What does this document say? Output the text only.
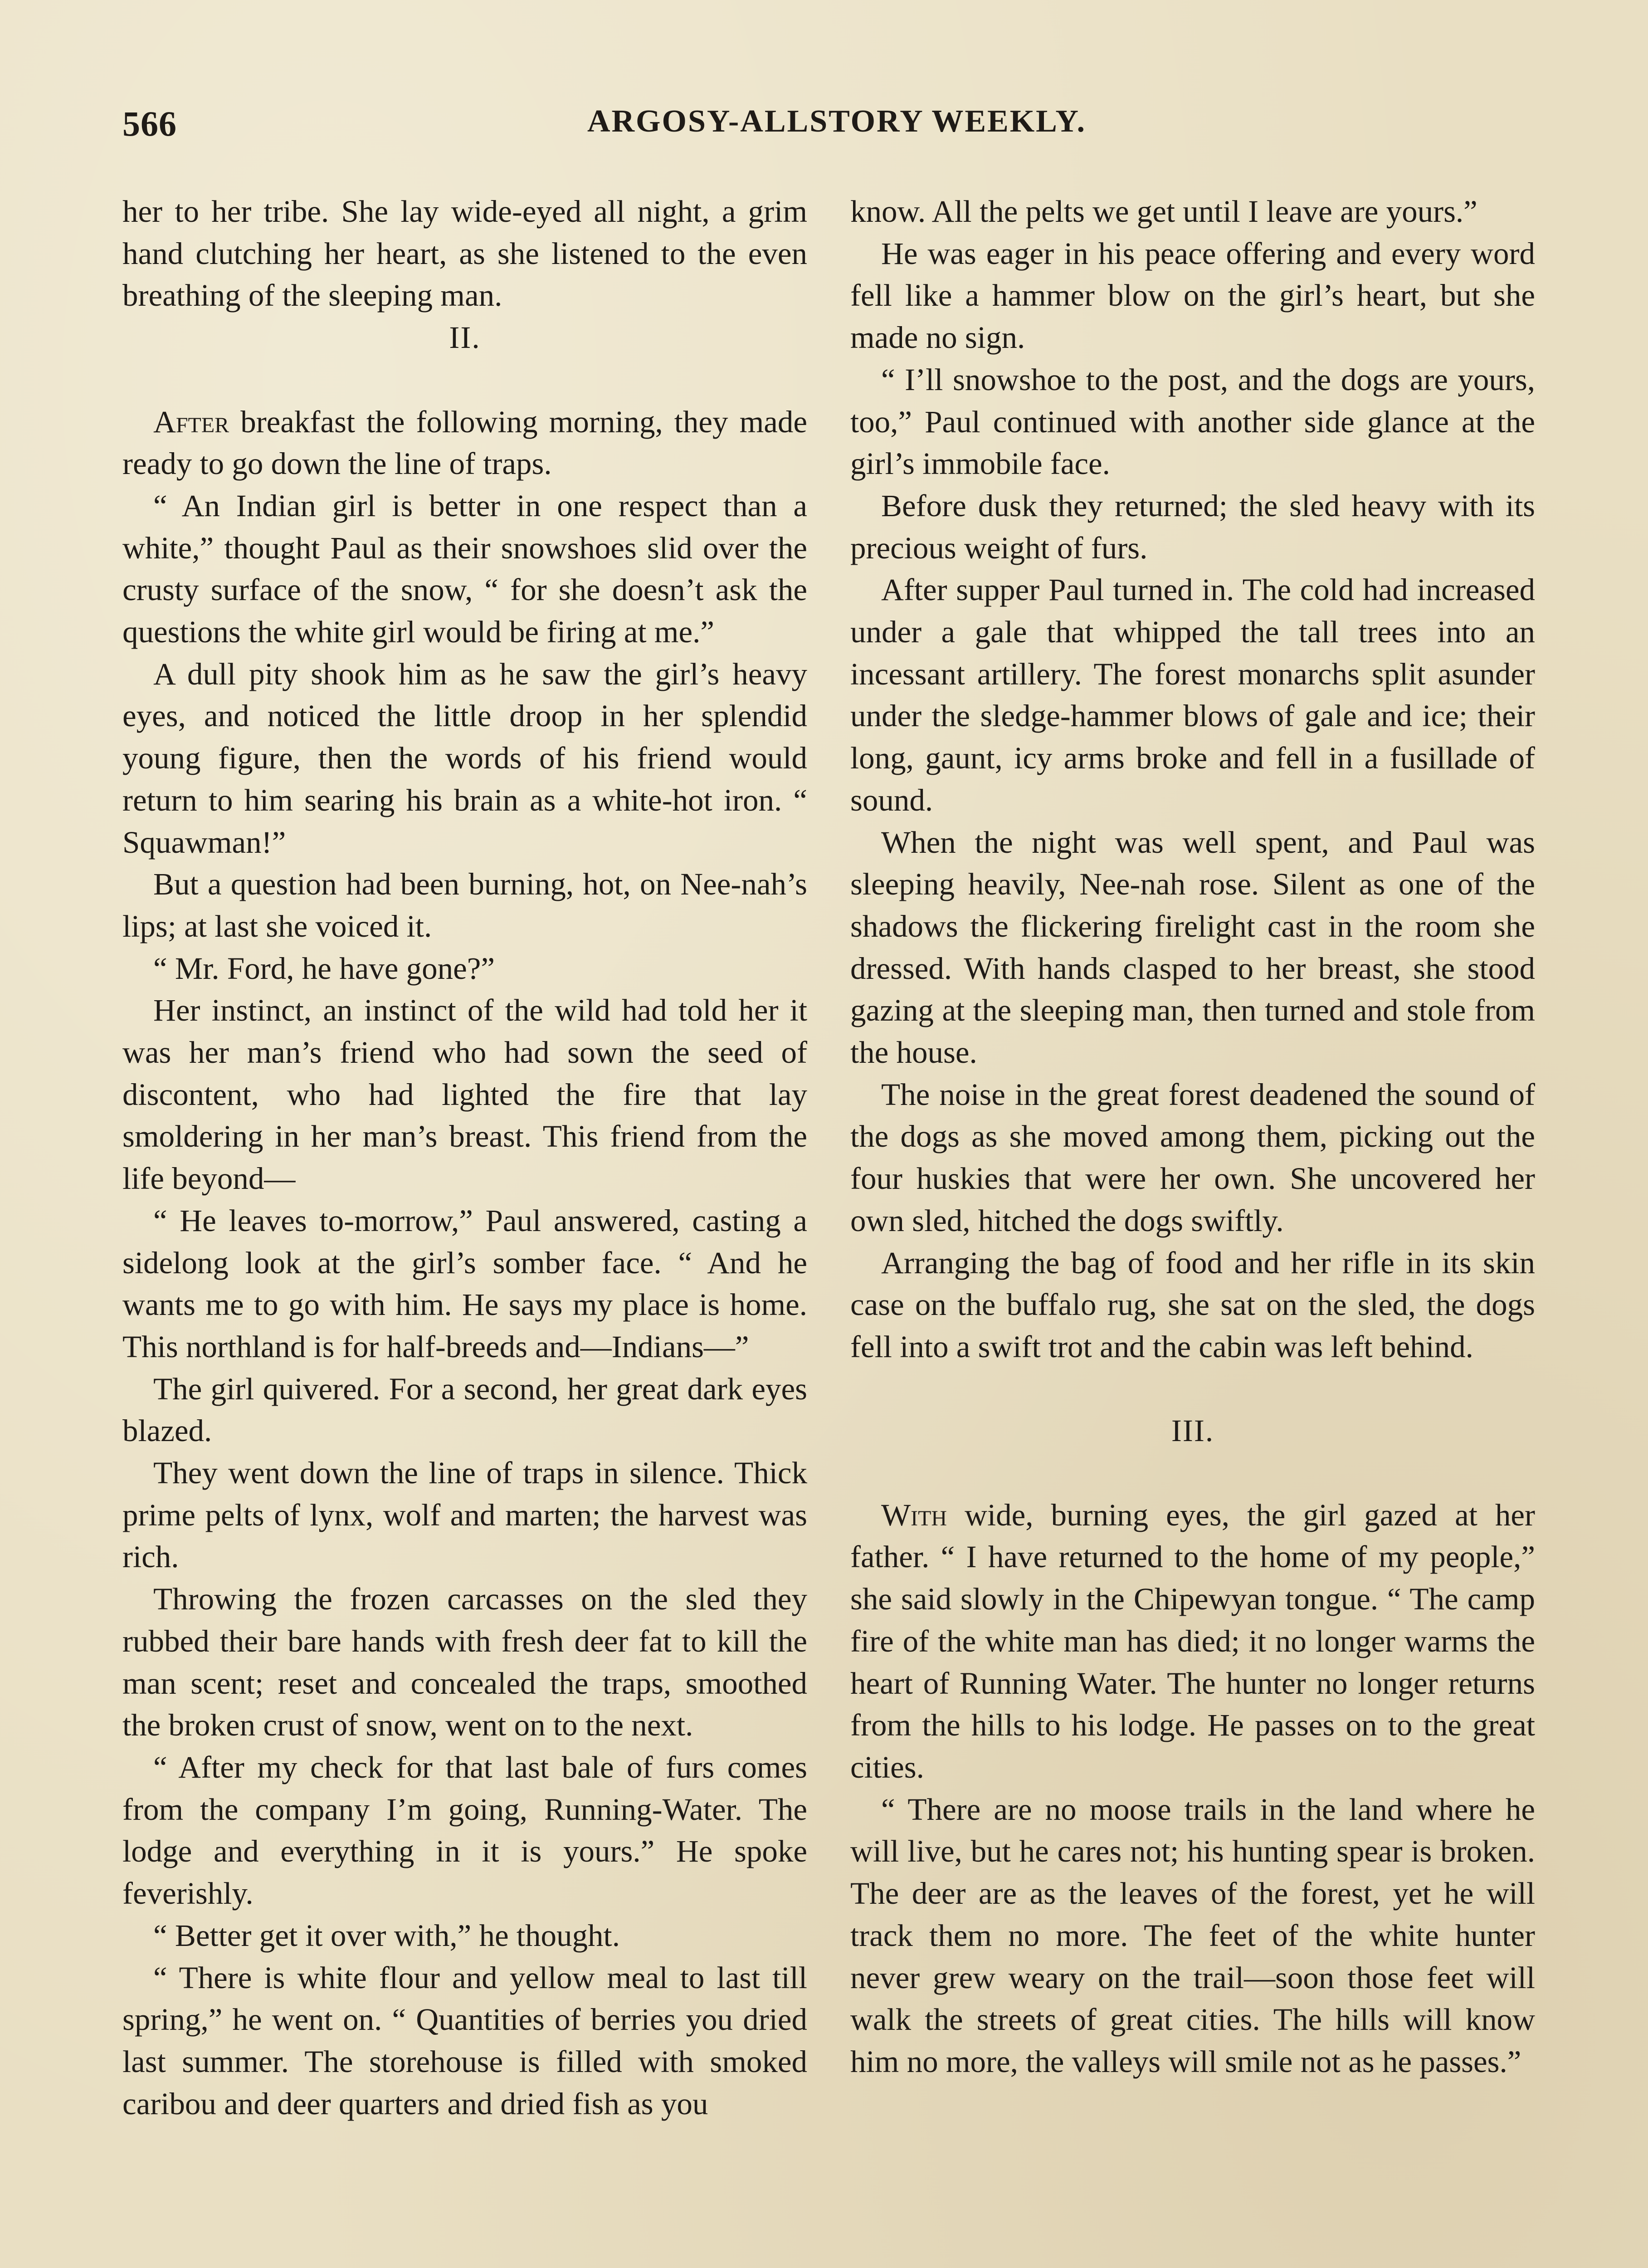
566	ARGOSY-ALLSTORY WEEKLY.

her to her tribe. She lay wide-eyed all night, a grim hand clutching her heart, as she listened to the even breathing of the sleeping man.

II.

After breakfast the following morning, they made ready to go down the line of traps.

“ An Indian girl is better in one respect than a white,” thought Paul as their snowshoes slid over the crusty surface of the snow, “ for she doesn’t ask the questions the white girl would be firing at me.”

A dull pity shook him as he saw the girl’s heavy eyes, and noticed the little droop in her splendid young figure, then the words of his friend would return to him searing his brain as a white-hot iron. “ Squawman!”

But a question had been burning, hot, on Nee-nah’s lips; at last she voiced it.

“ Mr. Ford, he have gone?”

Her instinct, an instinct of the wild had told her it was her man’s friend who had sown the seed of discontent, who had lighted the fire that lay smoldering in her man’s breast. This friend from the life beyond—

“ He leaves to-morrow,” Paul answered, casting a sidelong look at the girl’s somber face. “ And he wants me to go with him. He says my place is home. This northland is for half-breeds and—Indians—”

The girl quivered. For a second, her great dark eyes blazed.

They went down the line of traps in silence. Thick prime pelts of lynx, wolf and marten; the harvest was rich.

Throwing the frozen carcasses on the sled they rubbed their bare hands with fresh deer fat to kill the man scent; reset and concealed the traps, smoothed the broken crust of snow, went on to the next.

“ After my check for that last bale of furs comes from the company I’m going, Running-Water. The lodge and everything in it is yours.” He spoke feverishly.

“ Better get it over with,” he thought.

“ There is white flour and yellow meal to last till spring,” he went on. “ Quantities of berries you dried last summer. The storehouse is filled with smoked caribou and deer quarters and dried fish as you

know. All the pelts we get until I leave are yours.”

He was eager in his peace offering and every word fell like a hammer blow on the girl’s heart, but she made no sign.

“ I’ll snowshoe to the post, and the dogs are yours, too,” Paul continued with another side glance at the girl’s immobile face.

Before dusk they returned; the sled heavy with its precious weight of furs.

After supper Paul turned in. The cold had increased under a gale that whipped the tall trees into an incessant artillery. The forest monarchs split asunder under the sledge-hammer blows of gale and ice; their long, gaunt, icy arms broke and fell in a fusillade of sound.

When the night was well spent, and Paul was sleeping heavily, Nee-nah rose. Silent as one of the shadows the flickering firelight cast in the room she dressed. With hands clasped to her breast, she stood gazing at the sleeping man, then turned and stole from the house.

The noise in the great forest deadened the sound of the dogs as she moved among them, picking out the four huskies that were her own. She uncovered her own sled, hitched the dogs swiftly.

Arranging the bag of food and her rifle in its skin case on the buffalo rug, she sat on the sled, the dogs fell into a swift trot and the cabin was left behind.

III.

With wide, burning eyes, the girl gazed at her father. “ I have returned to the home of my people,” she said slowly in the Chipewyan tongue. “ The camp fire of the white man has died; it no longer warms the heart of Running Water. The hunter no longer returns from the hills to his lodge. He passes on to the great cities.

“ There are no moose trails in the land where he will live, but he cares not; his hunting spear is broken. The deer are as the leaves of the forest, yet he will track them no more. The feet of the white hunter never grew weary on the trail—soon those feet will walk the streets of great cities. The hills will know him no more, the valleys will smile not as he passes.”
